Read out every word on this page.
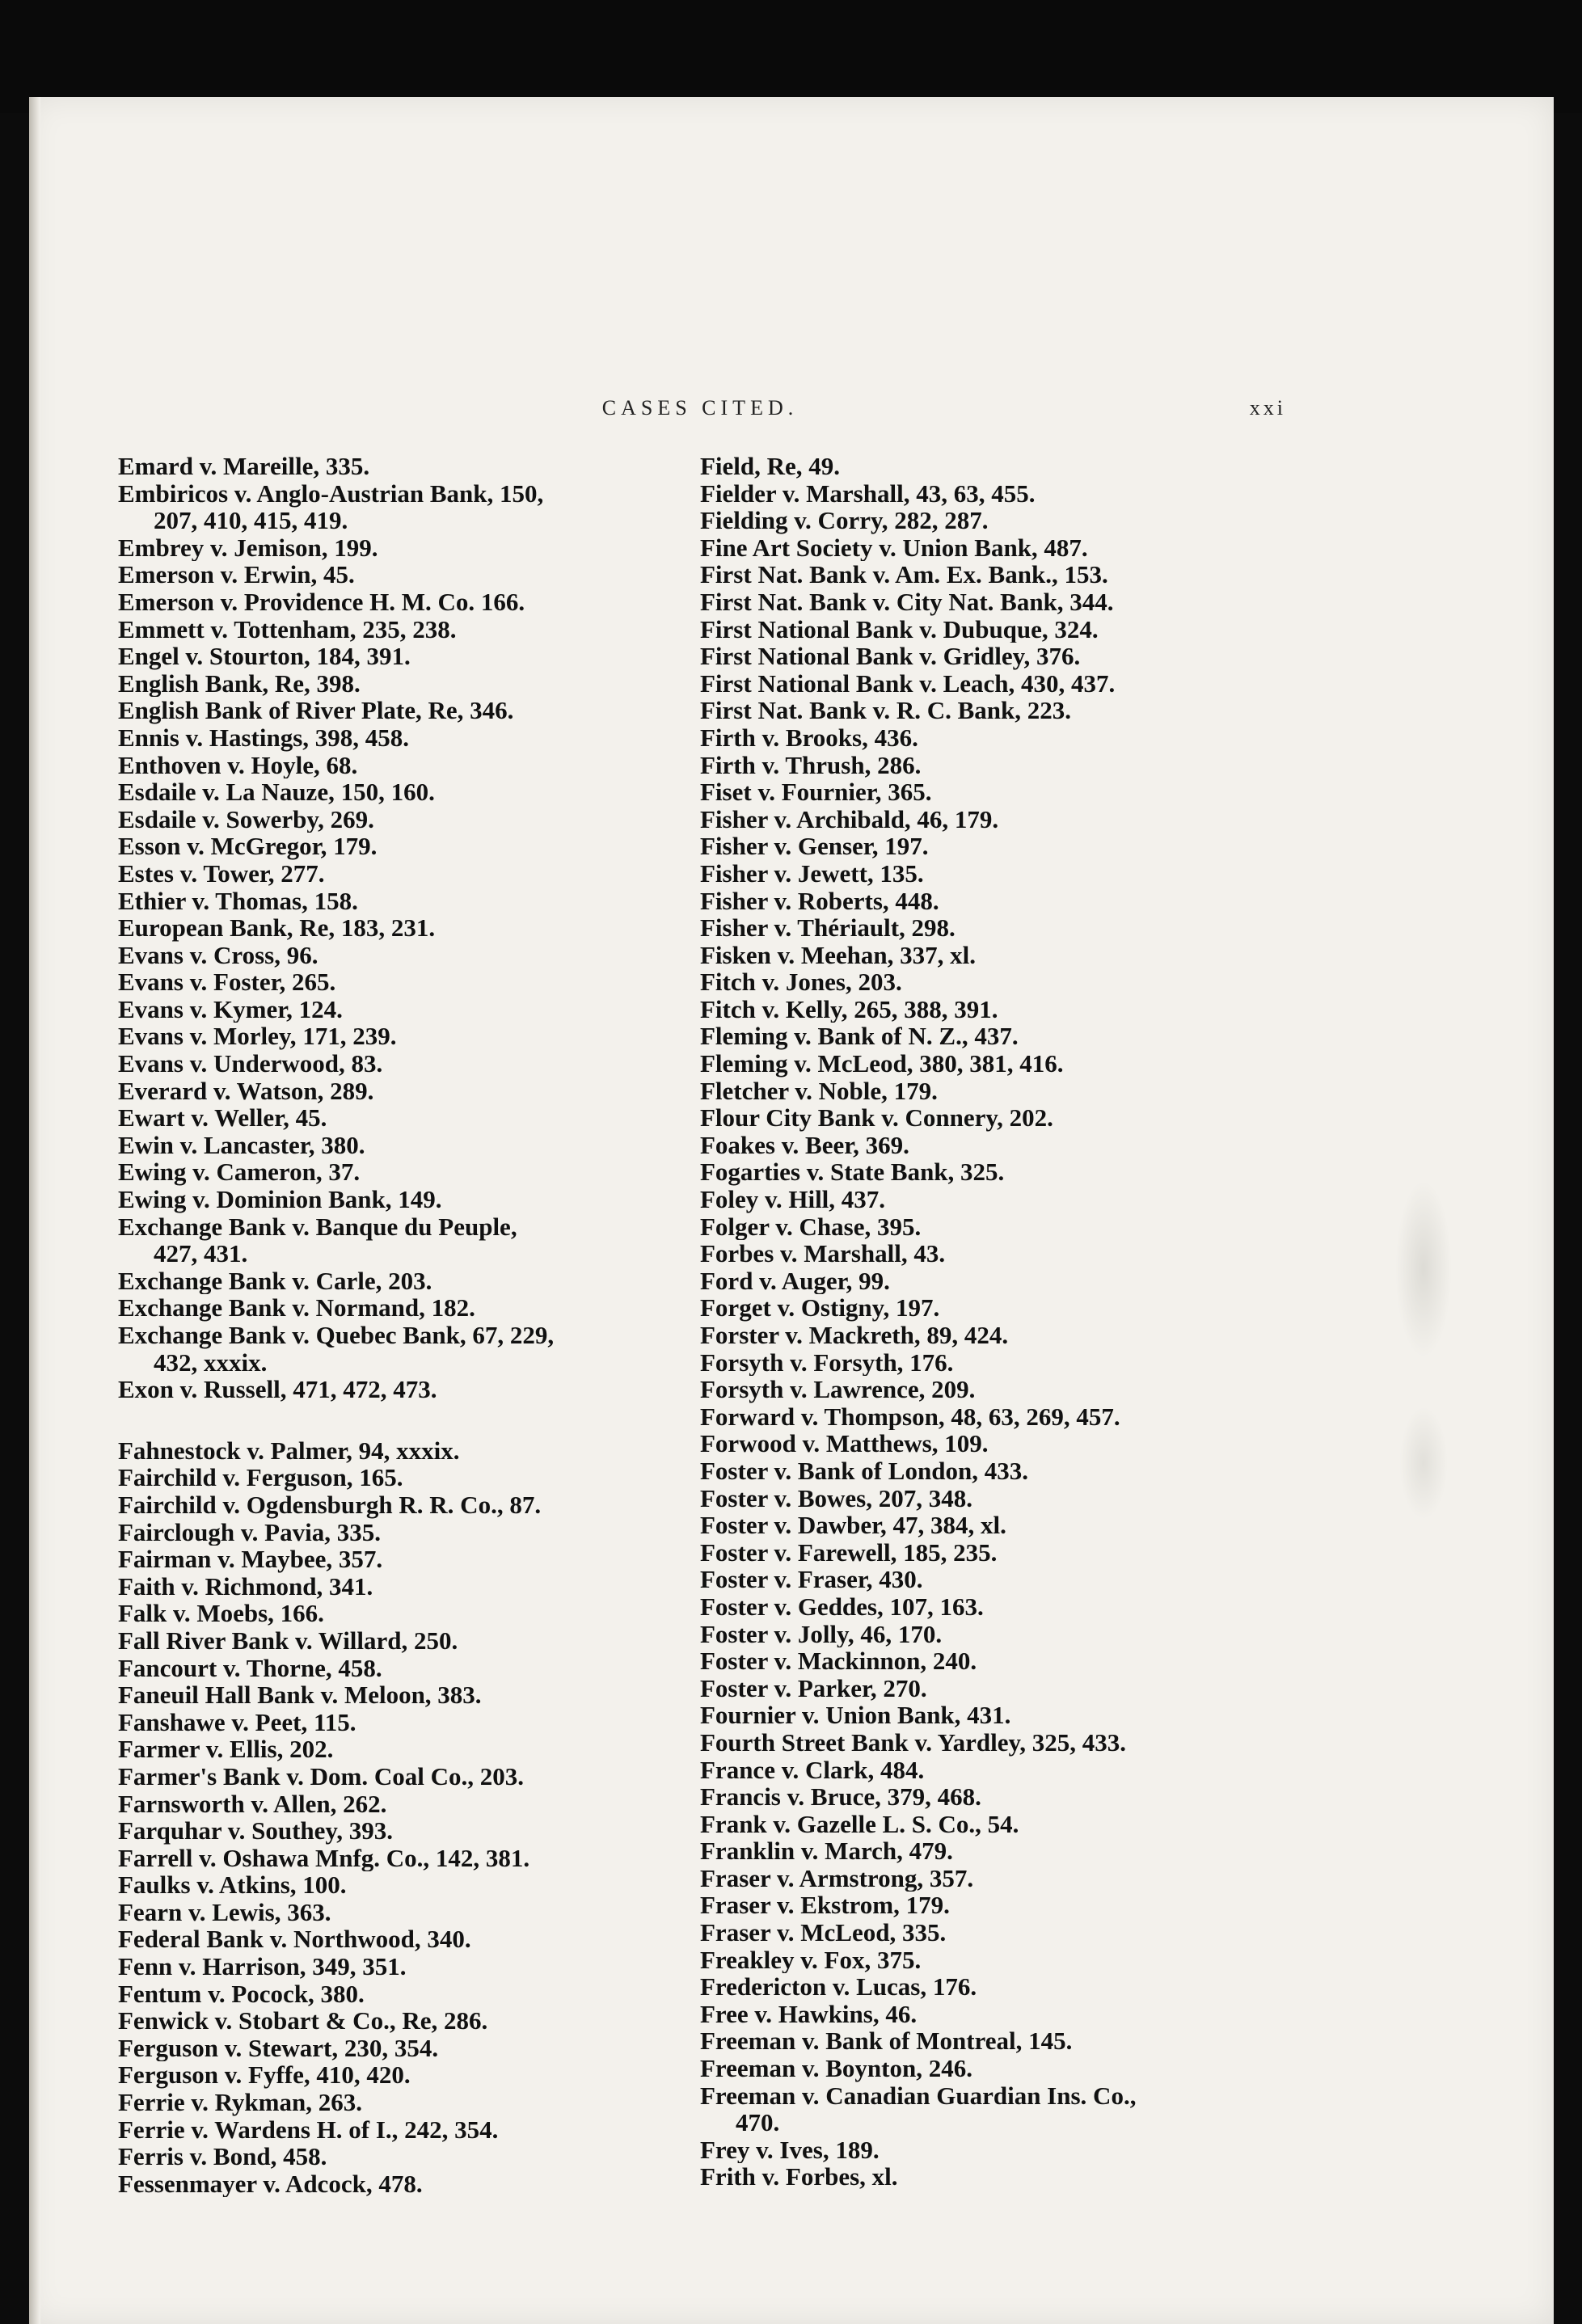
CASES CITED.	xxi
Emard v. Mareille, 335.
Embiricos v. Anglo-Austrian Bank, 150,
207, 410, 415, 419.
Embrey v. Jemison, 199.
Emerson v. Erwin, 45.
Emerson v. Providence H. M. Co. 166.
Emmett v. Tottenham, 235, 238.
Engel v. Stourton, 184, 391.
English Bank, Re, 398.
English Bank of River Plate, Re, 346.
Ennis v. Hastings, 398, 458.
Enthoven v. Hoyle, 68.
Esdaile v. La Nauze, 150, 160.
Esdaile v. Sowerby, 269.
Esson v. McGregor, 179.
Estes v. Tower, 277.
Ethier v. Thomas, 158.
European Bank, Re, 183, 231.
Evans v. Cross, 96.
Evans v. Foster, 265.
Evans v. Kymer, 124.
Evans v. Morley, 171, 239.
Evans v. Underwood, 83.
Everard v. Watson, 289.
Ewart v. Weller, 45.
Ewin v. Lancaster, 380.
Ewing v. Cameron, 37.
Ewing v. Dominion Bank, 149.
Exchange Bank v. Banque du Peuple,
427, 431.
Exchange Bank v. Carle, 203.
Exchange Bank v. Normand, 182.
Exchange Bank v. Quebec Bank, 67, 229,
432, xxxix.
Exon v. Russell, 471, 472, 473.
Fahnestock v. Palmer, 94, xxxix.
Fairchild v. Ferguson, 165.
Fairchild v. Ogdensburgh R. R. Co., 87.
Fairclough v. Pavia, 335.
Fairman v. Maybee, 357.
Faith v. Richmond, 341.
Falk v. Moebs, 166.
Fall River Bank v. Willard, 250.
Fancourt v. Thorne, 458.
Faneuil Hall Bank v. Meloon, 383.
Fanshawe v. Peet, 115.
Farmer v. Ellis, 202.
Farmer's Bank v. Dom. Coal Co., 203.
Farnsworth v. Allen, 262.
Farquhar v. Southey, 393.
Farrell v. Oshawa Mnfg. Co., 142, 381.
Faulks v. Atkins, 100.
Fearn v. Lewis, 363.
Federal Bank v. Northwood, 340.
Fenn v. Harrison, 349, 351.
Fentum v. Pocock, 380.
Fenwick v. Stobart & Co., Re, 286.
Ferguson v. Stewart, 230, 354.
Ferguson v. Fyffe, 410, 420.
Ferrie v. Rykman, 263.
Ferrie v. Wardens H. of I., 242, 354.
Ferris v. Bond, 458.
Fessenmayer v. Adcock, 478.
Field, Re, 49.
Fielder v. Marshall, 43, 63, 455.
Fielding v. Corry, 282, 287.
Fine Art Society v. Union Bank, 487.
First Nat. Bank v. Am. Ex. Bank., 153.
First Nat. Bank v. City Nat. Bank, 344.
First National Bank v. Dubuque, 324.
First National Bank v. Gridley, 376.
First National Bank v. Leach, 430, 437.
First Nat. Bank v. R. C. Bank, 223.
Firth v. Brooks, 436.
Firth v. Thrush, 286.
Fiset v. Fournier, 365.
Fisher v. Archibald, 46, 179.
Fisher v. Genser, 197.
Fisher v. Jewett, 135.
Fisher v. Roberts, 448.
Fisher v. Thériault, 298.
Fisken v. Meehan, 337, xl.
Fitch v. Jones, 203.
Fitch v. Kelly, 265, 388, 391.
Fleming v. Bank of N. Z., 437.
Fleming v. McLeod, 380, 381, 416.
Fletcher v. Noble, 179.
Flour City Bank v. Connery, 202.
Foakes v. Beer, 369.
Fogarties v. State Bank, 325.
Foley v. Hill, 437.
Folger v. Chase, 395.
Forbes v. Marshall, 43.
Ford v. Auger, 99.
Forget v. Ostigny, 197.
Forster v. Mackreth, 89, 424.
Forsyth v. Forsyth, 176.
Forsyth v. Lawrence, 209.
Forward v. Thompson, 48, 63, 269, 457.
Forwood v. Matthews, 109.
Foster v. Bank of London, 433.
Foster v. Bowes, 207, 348.
Foster v. Dawber, 47, 384, xl.
Foster v. Farewell, 185, 235.
Foster v. Fraser, 430.
Foster v. Geddes, 107, 163.
Foster v. Jolly, 46, 170.
Foster v. Mackinnon, 240.
Foster v. Parker, 270.
Fournier v. Union Bank, 431.
Fourth Street Bank v. Yardley, 325, 433.
France v. Clark, 484.
Francis v. Bruce, 379, 468.
Frank v. Gazelle L. S. Co., 54.
Franklin v. March, 479.
Fraser v. Armstrong, 357.
Fraser v. Ekstrom, 179.
Fraser v. McLeod, 335.
Freakley v. Fox, 375.
Fredericton v. Lucas, 176.
Free v. Hawkins, 46.
Freeman v. Bank of Montreal, 145.
Freeman v. Boynton, 246.
Freeman v. Canadian Guardian Ins. Co.,
470.
Frey v. Ives, 189.
Frith v. Forbes, xl.
